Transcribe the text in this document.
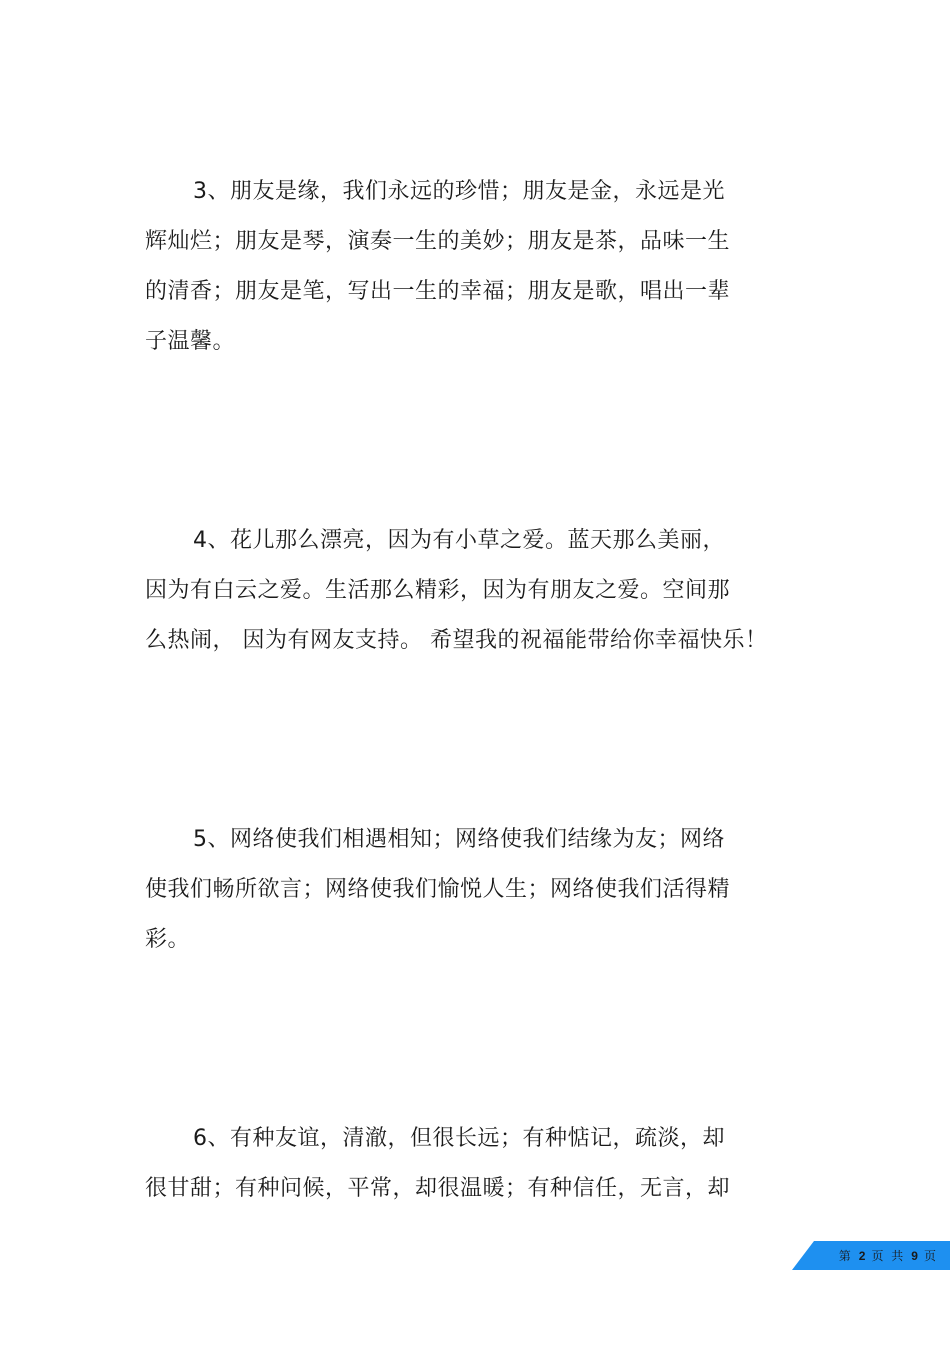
3、朋友是缘，我们永远的珍惜；朋友是金，永远是光
辉灿烂；朋友是琴，演奏一生的美妙；朋友是茶，品味一生
的清香；朋友是笔，写出一生的幸福；朋友是歌，唱出一辈
子温馨。
4、花儿那么漂亮，因为有小草之爱。蓝天那么美丽，
因为有白云之爱。生活那么精彩，因为有朋友之爱。空间那
么热闹， 因为有网友支持。 希望我的祝福能带给你幸福快乐！
5、网络使我们相遇相知；网络使我们结缘为友；网络
使我们畅所欲言；网络使我们愉悦人生；网络使我们活得精
彩。
6、有种友谊，清澈，但很长远；有种惦记，疏淡，却
很甘甜；有种问候，平常，却很温暖；有种信任，无言，却
第 2 页 共 9 页
